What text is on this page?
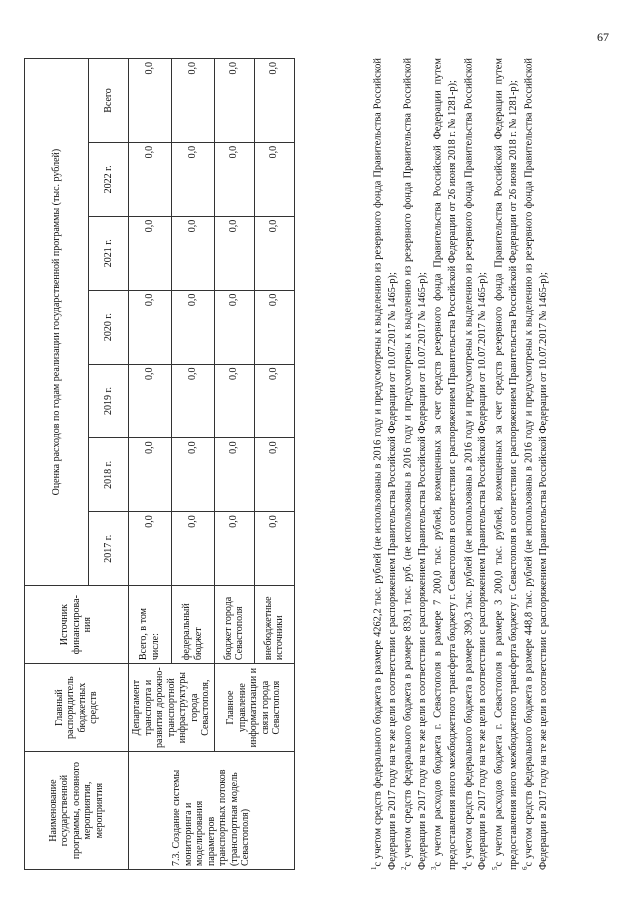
67
Наименование государственной программы, основного мероприятия, мероприятия	Главный распорядитель бюджетных средств	Источник финансирова-ния	Оценка расходов по годам реализации государственной программы (тыс. рублей)						
			2017 г.	2018 г.	2019 г.	2020 г.	2021 г.	2022 г.	Всего
7.3. Создание системы мониторинга и моделирования параметров транспортных потоков (транспортная модель Севастополя)	Департамент транспорта и развития дорожно-транспортной инфраструктуры города Севастополя,	Всего, в том числе:	0,0	0,0	0,0	0,0	0,0	0,0	0,0
		федеральный бюджет	0,0	0,0	0,0	0,0	0,0	0,0	0,0
	Главное управление информатизации и связи города Севастополя	бюджет города Севастополя	0,0	0,0	0,0	0,0	0,0	0,0	0,0
		внебюджетные источники	0,0	0,0	0,0	0,0	0,0	0,0	0,0

$^1$с учетом средств федерального бюджета в размере 4262,2 тыс. рублей (не использованы в 2016 году и предусмотрены к выделению из резервного фонда Правительства Российской Федерации в 2017 году на те же цели в соответствии с распоряжением Правительства Российской Федерации от 10.07.2017 № 1465-р); $^2$с учетом средств федерального бюджета в размере 839,1 тыс. руб. (не использованы в 2016 году и предусмотрены к выделению из резервного фонда Правительства Российской Федерации в 2017 году на те же цели в соответствии с распоряжением Правительства Российской Федерации от 10.07.2017 № 1465-р); $^3$с учетом расходов бюджета г. Севастополя в размере 7 200,0 тыс. рублей, возмещенных за счет средств резервного фонда Правительства Российской Федерации путем предоставления иного межбюджетного трансферта бюджету г. Севастополя в соответствии с распоряжением Правительства Российской Федерации от 26 июня 2018 г. № 1281-р); $^4$с учетом средств федерального бюджета в размере 390,3 тыс. рублей (не использованы в 2016 году и предусмотрены к выделению из резервного фонда Правительства Российской Федерации в 2017 году на те же цели в соответствии с распоряжением Правительства Российской Федерации от 10.07.2017 № 1465-р); $^5$с учетом расходов бюджета г. Севастополя в размере 3 200,0 тыс. рублей, возмещенных за счет средств резервного фонда Правительства Российской Федерации путем предоставления иного межбюджетного трансферта бюджету г. Севастополя в соответствии с распоряжением Правительства Российской Федерации от 26 июня 2018 г. № 1281-р); $^6$с учетом средств федерального бюджета в размере 448,8 тыс. рублей (не использованы в 2016 году и предусмотрены к выделению из резервного фонда Правительства Российской Федерации в 2017 году на те же цели в соответствии с распоряжением Правительства Российской Федерации от 10.07.2017 № 1465-р);
